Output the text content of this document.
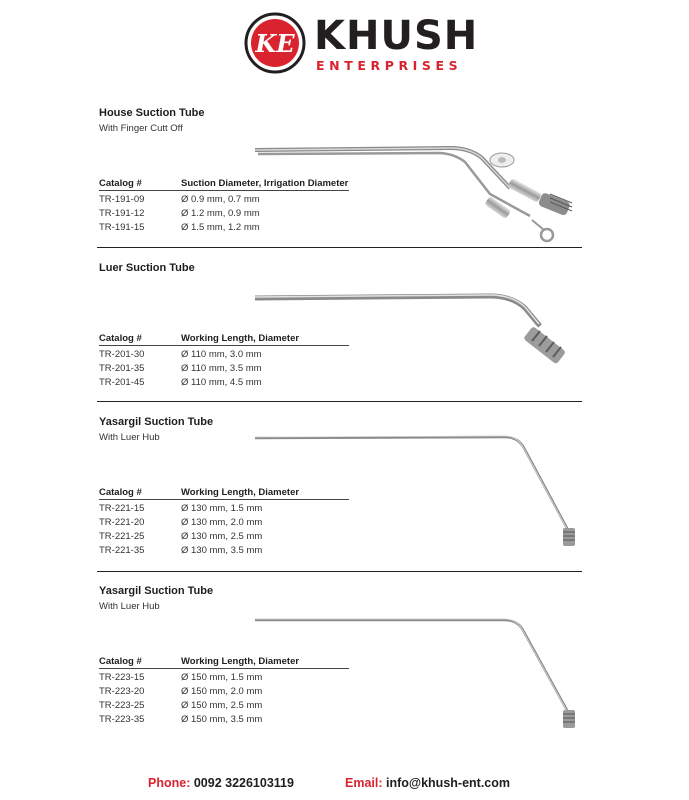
KE KHUSH
ENTERPRISES
House Suction Tube
With Finger Cutt Off
Catalog #	Suction Diameter, Irrigation Diameter
TR-191-09	Ø 0.9 mm, 0.7 mm
TR-191-12	Ø 1.2 mm, 0.9 mm
TR-191-15	Ø 1.5 mm, 1.2 mm
Luer Suction Tube
Catalog #	Working Length, Diameter
TR-201-30	Ø 110 mm, 3.0 mm
TR-201-35	Ø 110 mm, 3.5 mm
TR-201-45	Ø 110 mm, 4.5 mm
Yasargil Suction Tube
With Luer Hub
Catalog #	Working Length, Diameter
TR-221-15	Ø 130 mm, 1.5 mm
TR-221-20	Ø 130 mm, 2.0 mm
TR-221-25	Ø 130 mm, 2.5 mm
TR-221-35	Ø 130 mm, 3.5 mm
Yasargil Suction Tube
With Luer Hub
Catalog #	Working Length, Diameter
TR-223-15	Ø 150 mm, 1.5 mm
TR-223-20	Ø 150 mm, 2.0 mm
TR-223-25	Ø 150 mm, 2.5 mm
TR-223-35	Ø 150 mm, 3.5 mm
Phone: 0092 3226103119	Email: info@khush-ent.com
